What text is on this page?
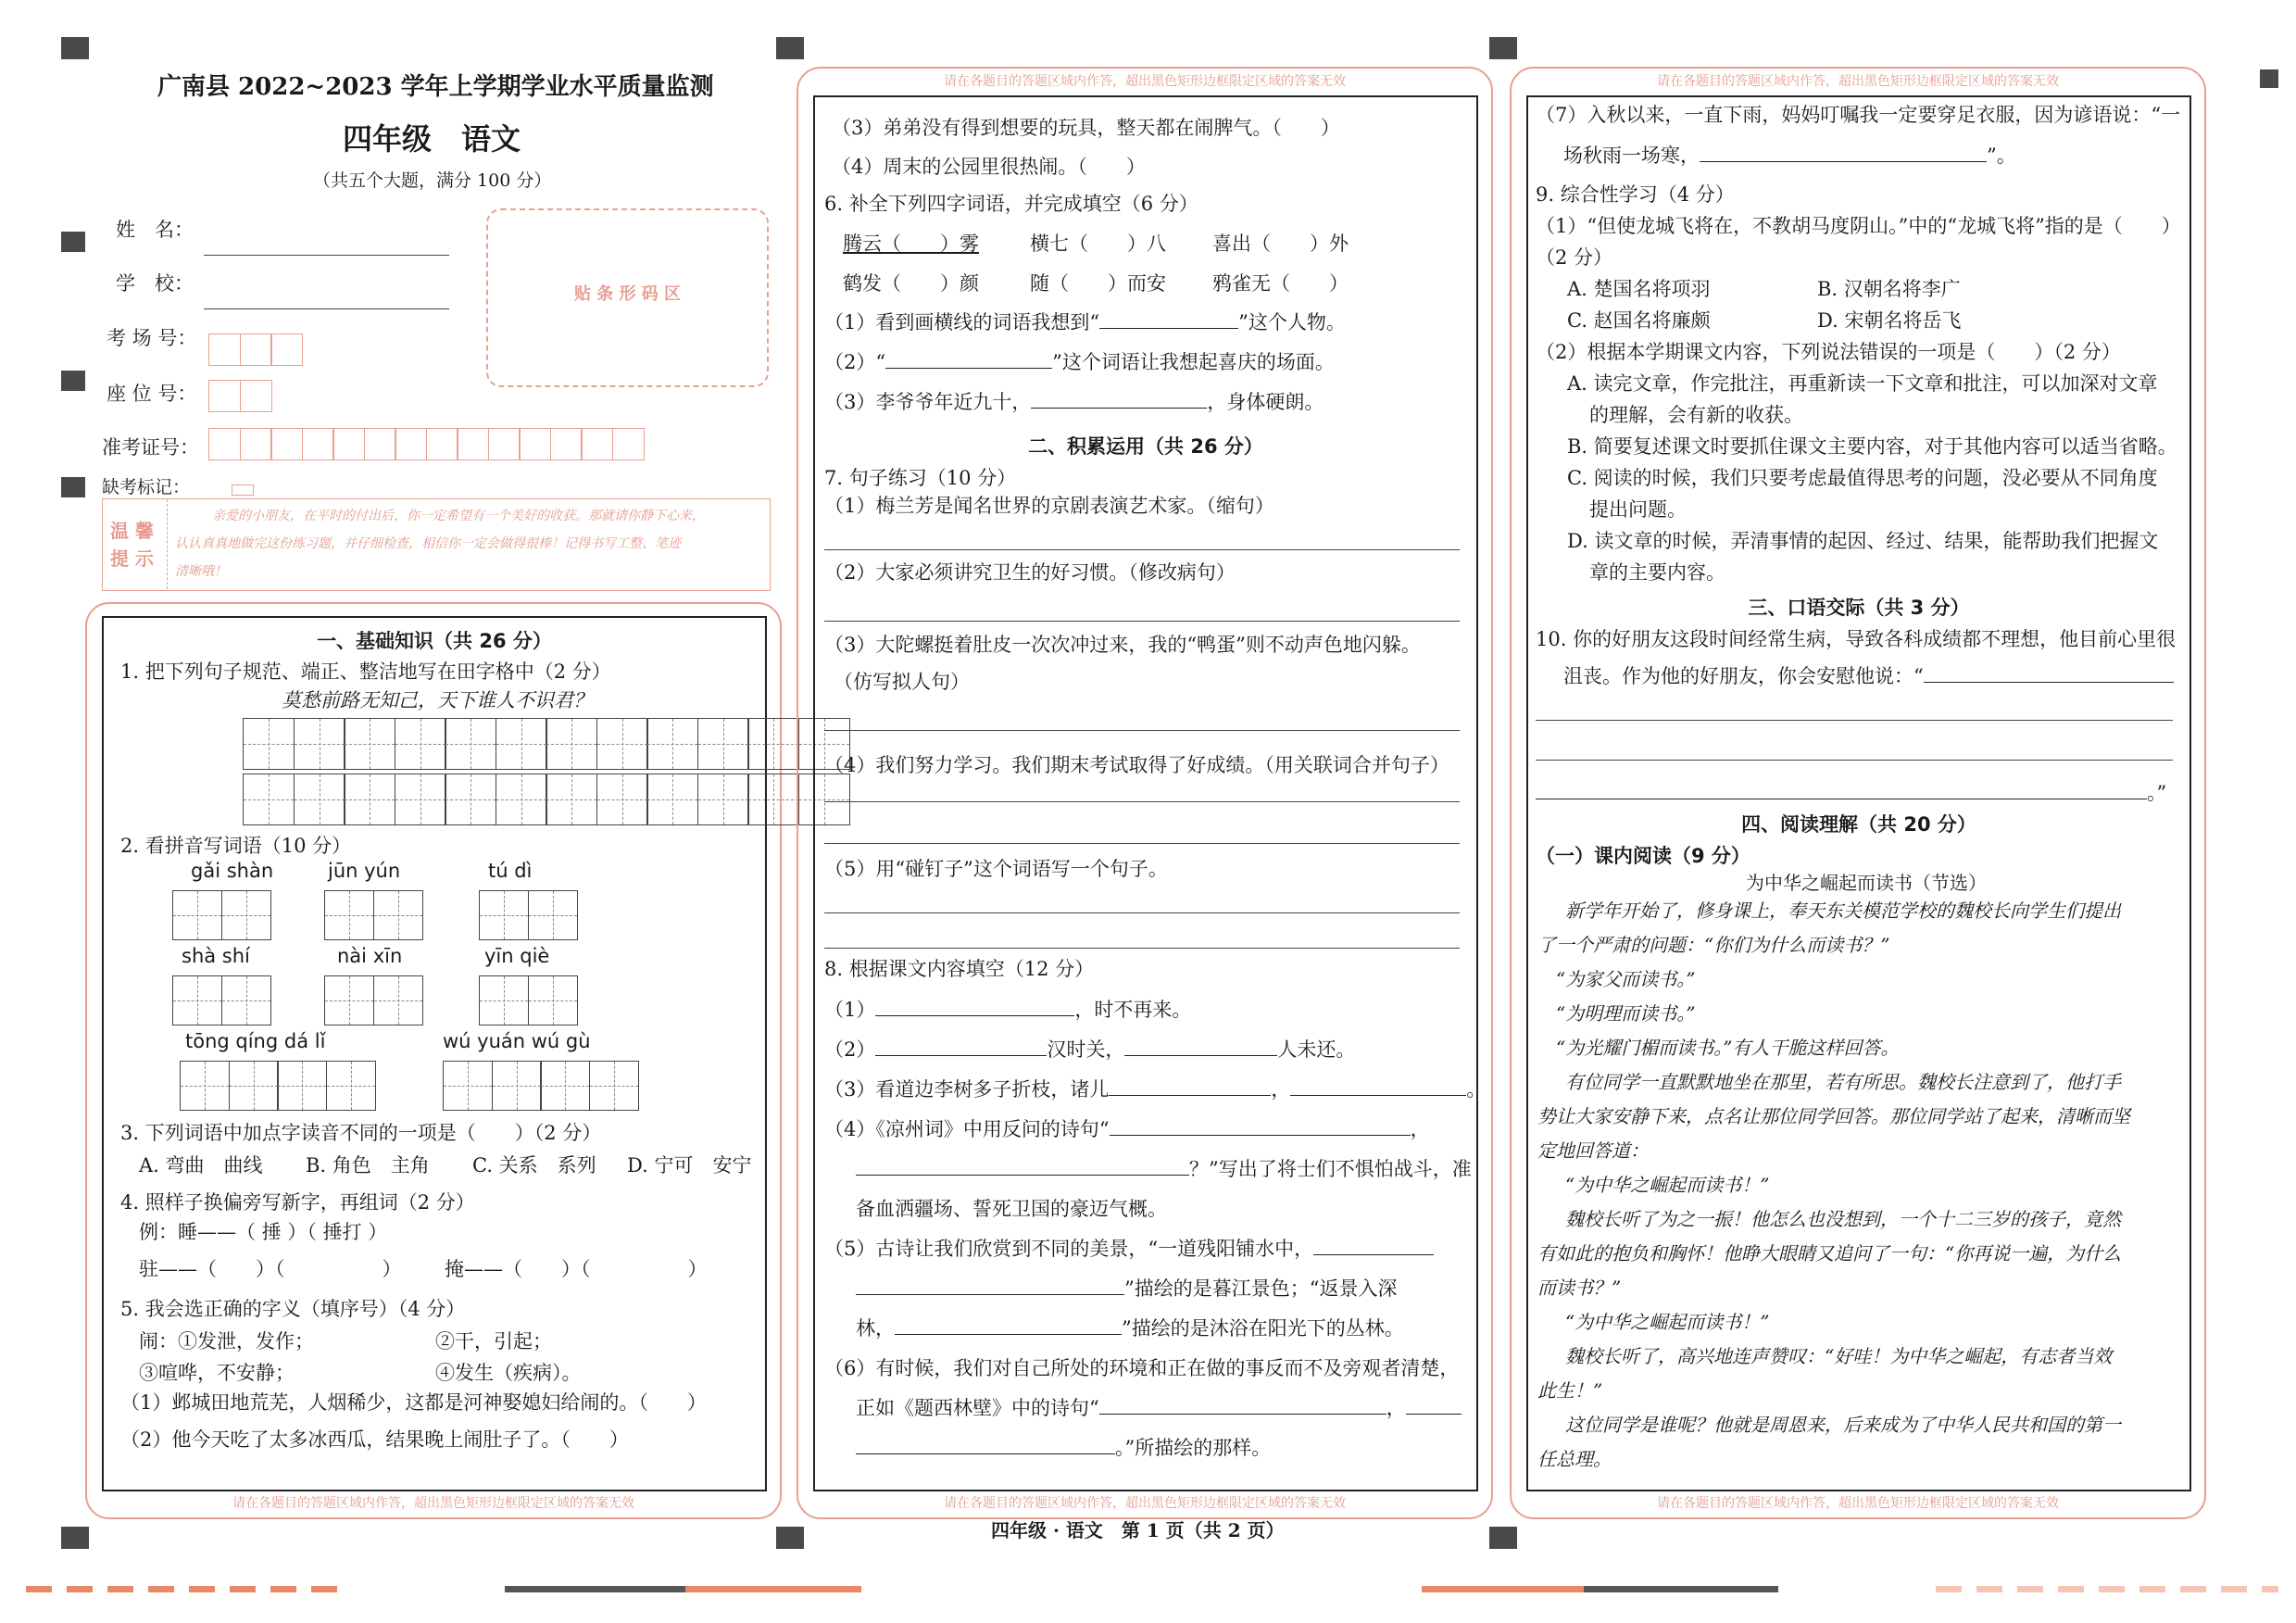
广南县 2022~2023 学年上学期学业水平质量监测
四年级　语文
（共五个大题，满分 100 分）
姓　名：
学　校：
考 场 号：
座 位 号：
准考证号：
缺考标记：
贴 条 形 码 区
温 馨
提 示
亲爱的小朋友，在平时的付出后，你一定希望有一个美好的收获。那就请你静下心来，
认认真真地做完这份练习题，并仔细检查，相信你一定会做得很棒！记得书写工整、笔迹
清晰哦！
请在各题目的答题区域内作答，超出黑色矩形边框限定区域的答案无效
一、基础知识（共 26 分）
1. 把下列句子规范、端正、整洁地写在田字格中（2 分）
莫愁前路无知己，天下谁人不识君？
2. 看拼音写词语（10 分）
gǎi shàn	jūn yún	tú dì
shà shí	nài xīn	yīn qiè
tōng qíng dá lǐ	wú yuán wú gù
3. 下列词语中加点字读音不同的一项是（　　）（2 分）
A. 弯曲　曲线 B. 角色　主角 C. 关系　系列 D. 宁可　安宁
4. 照样子换偏旁写新字，再组词（2 分）
例：睡——（ 捶 ）（ 捶打 ）
驻——（　　）（　　　　　） 掩——（　　）（　　　　　）
5. 我会选正确的字义（填序号）（4 分）
闹：①发泄，发作；	②干，引起；
③喧哗，不安静；	④发生（疾病）。
（1）邺城田地荒芜，人烟稀少，这都是河神娶媳妇给闹的。（　　）
（2）他今天吃了太多冰西瓜，结果晚上闹肚子了。（　　）
请在各题目的答题区域内作答，超出黑色矩形边框限定区域的答案无效
请在各题目的答题区域内作答，超出黑色矩形边框限定区域的答案无效
（3）弟弟没有得到想要的玩具，整天都在闹脾气。（　　）
（4）周末的公园里很热闹。（　　）
6. 补全下列四字词语，并完成填空（6 分）
腾云（　　）雾	横七（　　）八 喜出（　　）外
鹤发（　　）颜	随（　　）而安 鸦雀无（　　）
（1）看到画横线的词语我想到“	”这个人物。
（2）“	”这个词语让我想起喜庆的场面。
（3）李爷爷年近九十，	，身体硬朗。
二、积累运用（共 26 分）
7. 句子练习（10 分）
（1）梅兰芳是闻名世界的京剧表演艺术家。（缩句）
（2）大家必须讲究卫生的好习惯。（修改病句）
（3）大陀螺挺着肚皮一次次冲过来，我的“鸭蛋”则不动声色地闪躲。
（仿写拟人句）
（4）我们努力学习。我们期末考试取得了好成绩。（用关联词合并句子）
（5）用“碰钉子”这个词语写一个句子。
8. 根据课文内容填空（12 分）
（1）	，时不再来。
（2）	汉时关，	人未还。
（3）看道边李树多子折枝，诸儿	，	。
（4）《凉州词》中用反问的诗句“	，
？”写出了将士们不惧怕战斗，准
备血洒疆场、誓死卫国的豪迈气概。
（5）古诗让我们欣赏到不同的美景，“一道残阳铺水中，
”描绘的是暮江景色；“返景入深
林，	”描绘的是沐浴在阳光下的丛林。
（6）有时候，我们对自己所处的环境和正在做的事反而不及旁观者清楚，
正如《题西林壁》中的诗句“	，
。”所描绘的那样。
请在各题目的答题区域内作答，超出黑色矩形边框限定区域的答案无效
请在各题目的答题区域内作答，超出黑色矩形边框限定区域的答案无效
（7）入秋以来，一直下雨，妈妈叮嘱我一定要穿足衣服，因为谚语说：“一
场秋雨一场寒，	”。
9. 综合性学习（4 分）
（1）“但使龙城飞将在，不教胡马度阴山。”中的“龙城飞将”指的是（　　）
（2 分）
A. 楚国名将项羽	B. 汉朝名将李广
C. 赵国名将廉颇	D. 宋朝名将岳飞
（2）根据本学期课文内容，下列说法错误的一项是（　　）（2 分）
A. 读完文章，作完批注，再重新读一下文章和批注，可以加深对文章
的理解，会有新的收获。
B. 简要复述课文时要抓住课文主要内容，对于其他内容可以适当省略。
C. 阅读的时候，我们只要考虑最值得思考的问题，没必要从不同角度
提出问题。
D. 读文章的时候，弄清事情的起因、经过、结果，能帮助我们把握文
章的主要内容。
三、口语交际（共 3 分）
10. 你的好朋友这段时间经常生病，导致各科成绩都不理想，他目前心里很
沮丧。作为他的好朋友，你会安慰他说：“
。”
四、阅读理解（共 20 分）
（一）课内阅读（9 分）
为中华之崛起而读书（节选）
新学年开始了，修身课上，奉天东关模范学校的魏校长向学生们提出
了一个严肃的问题：“你们为什么而读书？”
“为家父而读书。”
“为明理而读书。”
“为光耀门楣而读书。”有人干脆这样回答。
有位同学一直默默地坐在那里，若有所思。魏校长注意到了，他打手
势让大家安静下来，点名让那位同学回答。那位同学站了起来，清晰而坚
定地回答道：
“为中华之崛起而读书！”
魏校长听了为之一振！他怎么也没想到，一个十二三岁的孩子，竟然
有如此的抱负和胸怀！他睁大眼睛又追问了一句：“你再说一遍，为什么
而读书？”
“为中华之崛起而读书！”
魏校长听了，高兴地连声赞叹：“好哇！为中华之崛起，有志者当效
此生！”
这位同学是谁呢？他就是周恩来，后来成为了中华人民共和国的第一
任总理。
四年级 · 语文　第 1 页（共 2 页）
